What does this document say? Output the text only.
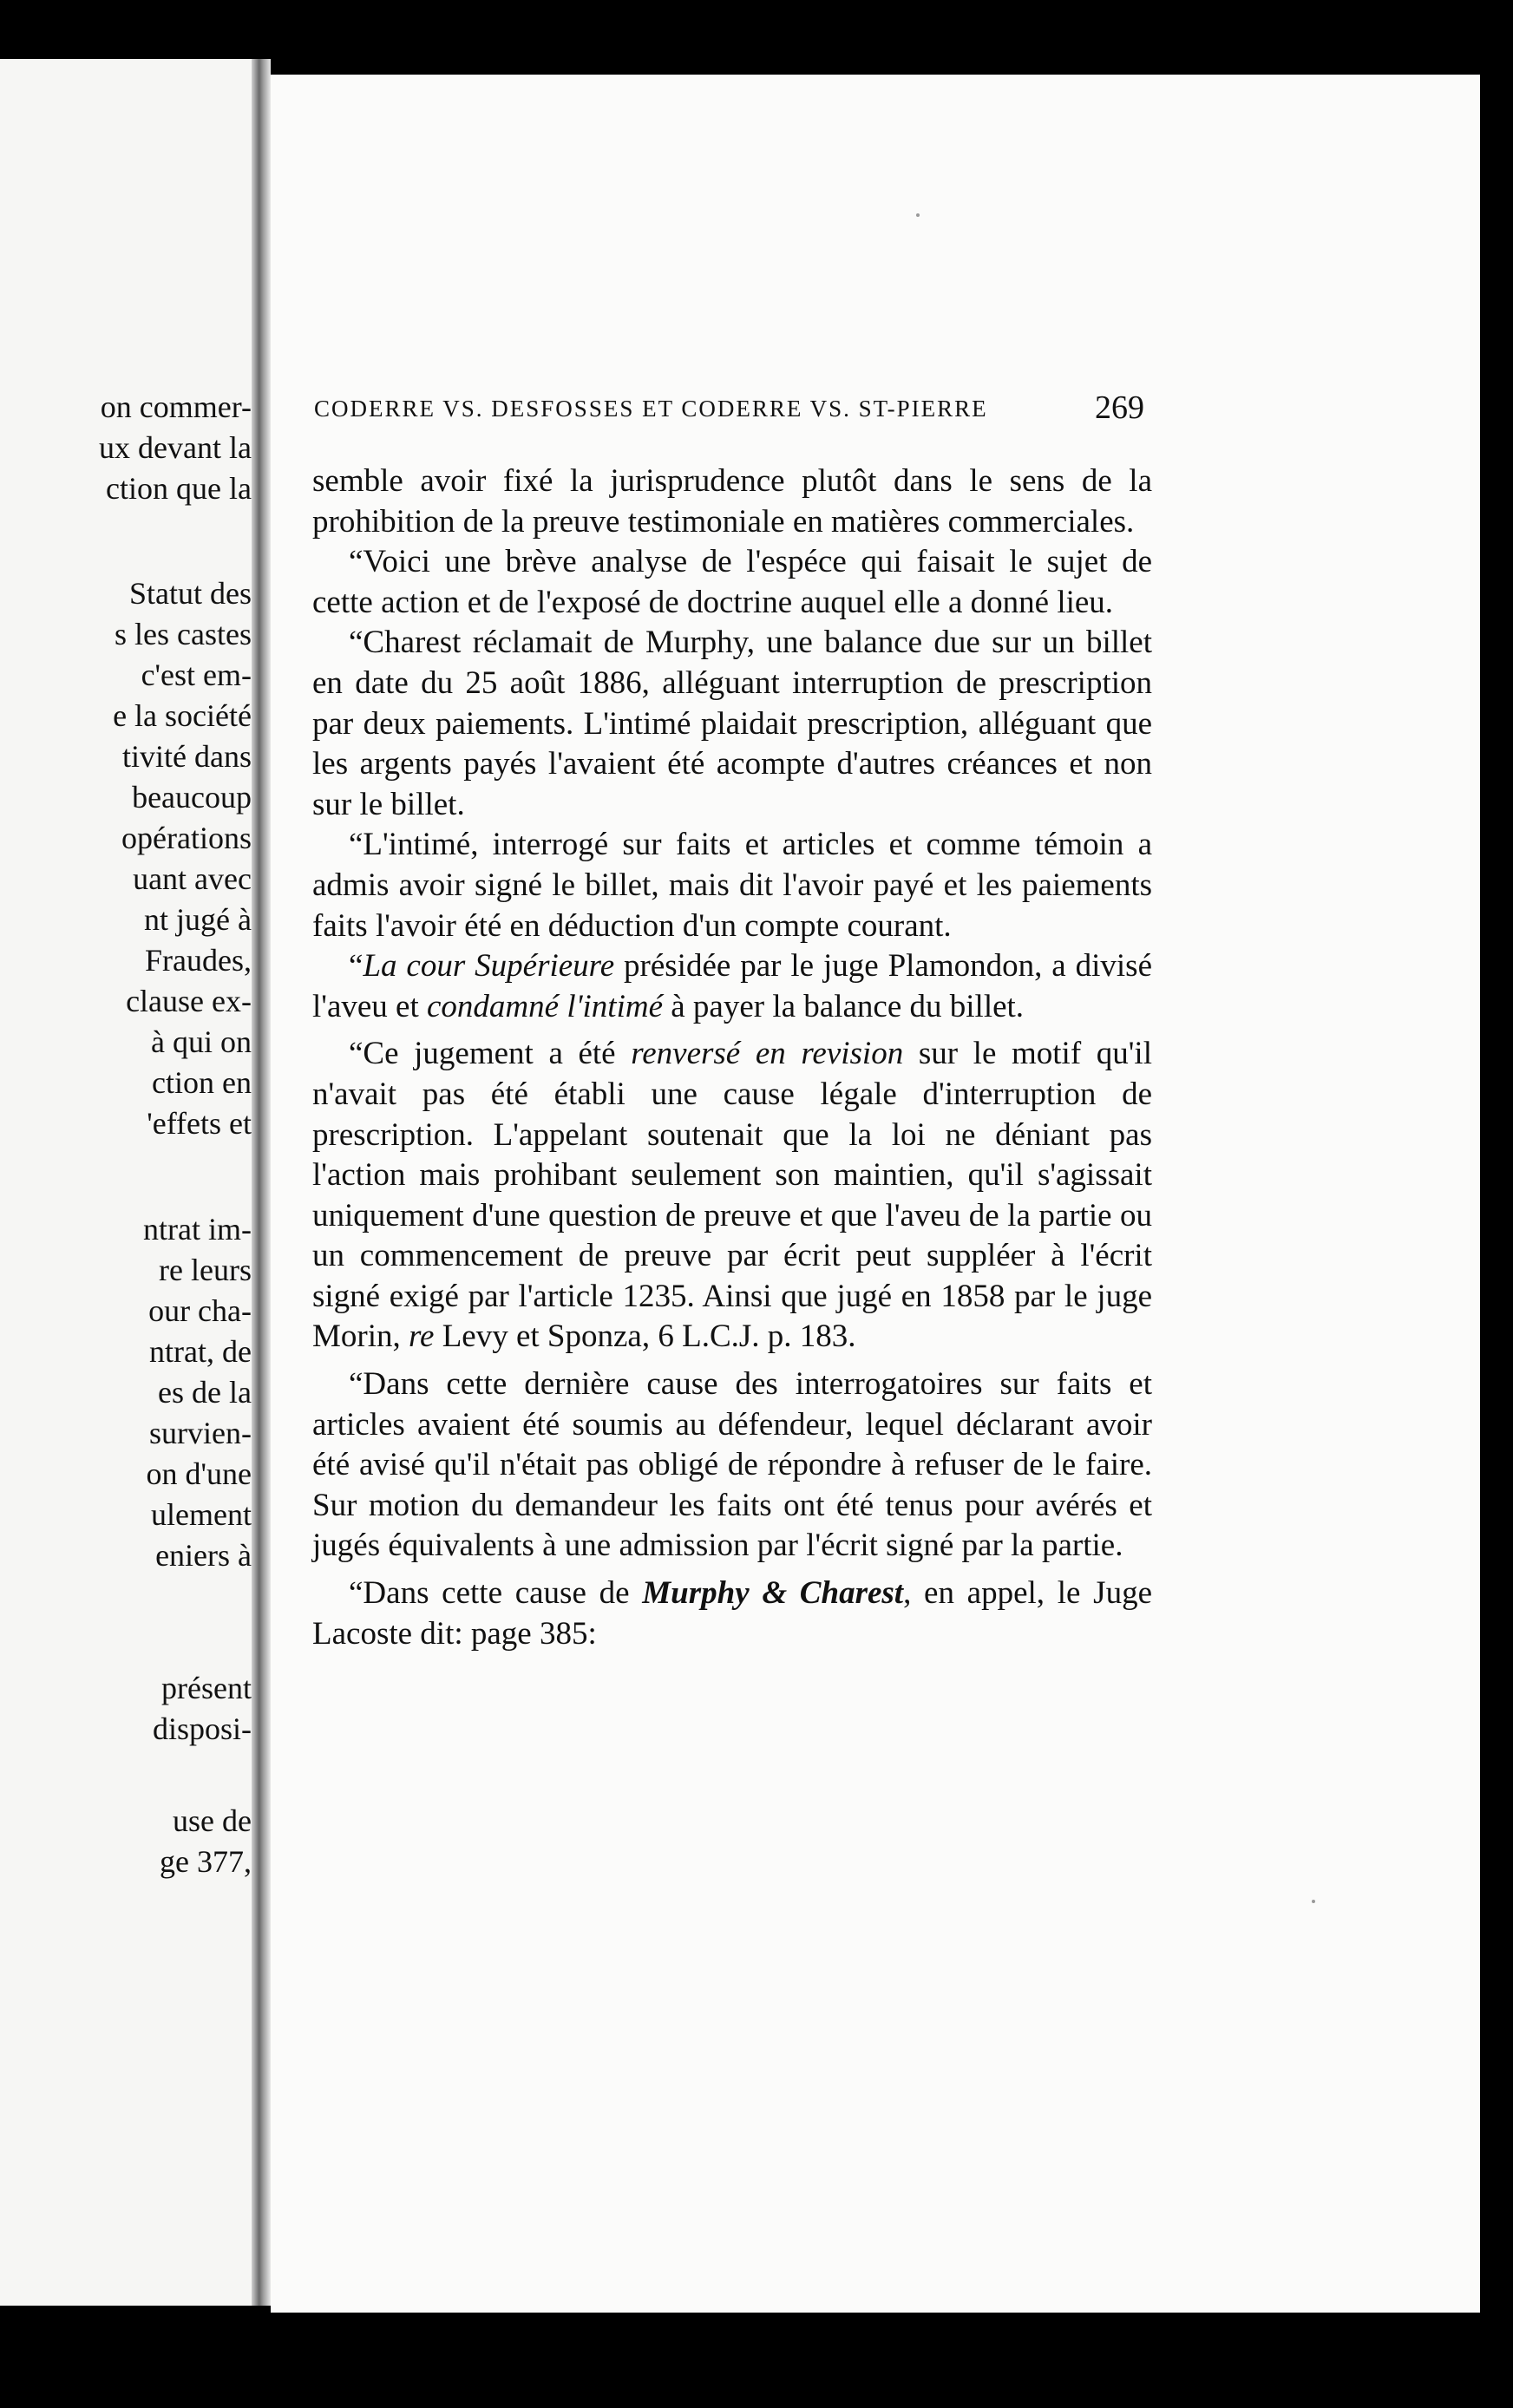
on commer-
ux devant la
ction que la
Statut des
s les castes
c'est em-
e la société
tivité dans
beaucoup
opérations
uant avec
nt jugé à
Fraudes,
clause ex-
à qui on
ction en
'effets et
ntrat im-
re leurs
our cha-
ntrat, de
es de la
survien-
on d'une
ulement
eniers à
présent
disposi-
use de
ge 377,
CODERRE VS. DESFOSSES ET CODERRE VS. ST-PIERRE	269

semble avoir fixé la jurisprudence plutôt dans le sens de la prohibition de la preuve testimoniale en matières commerciales.

“Voici une brève analyse de l'espéce qui faisait le sujet de cette action et de l'exposé de doctrine auquel elle a donné lieu.

“Charest réclamait de Murphy, une balance due sur un billet en date du 25 août 1886, alléguant interruption de prescription par deux paiements. L'intimé plaidait prescription, alléguant que les argents payés l'avaient été acompte d'autres créances et non sur le billet.

“L'intimé, interrogé sur faits et articles et comme témoin a admis avoir signé le billet, mais dit l'avoir payé et les paiements faits l'avoir été en déduction d'un compte courant.

“La cour Supérieure présidée par le juge Plamondon, a divisé l'aveu et condamné l'intimé à payer la balance du billet.

“Ce jugement a été renversé en revision sur le motif qu'il n'avait pas été établi une cause légale d'interruption de prescription. L'appelant soutenait que la loi ne déniant pas l'action mais prohibant seulement son maintien, qu'il s'agissait uniquement d'une question de preuve et que l'aveu de la partie ou un commencement de preuve par écrit peut suppléer à l'écrit signé exigé par l'article 1235. Ainsi que jugé en 1858 par le juge Morin, re Levy et Sponza, 6 L.C.J. p. 183.

“Dans cette dernière cause des interrogatoires sur faits et articles avaient été soumis au défendeur, lequel déclarant avoir été avisé qu'il n'était pas obligé de répondre à refuser de le faire. Sur motion du demandeur les faits ont été tenus pour avérés et jugés équivalents à une admission par l'écrit signé par la partie.

“Dans cette cause de Murphy & Charest, en appel, le Juge Lacoste dit: page 385:
